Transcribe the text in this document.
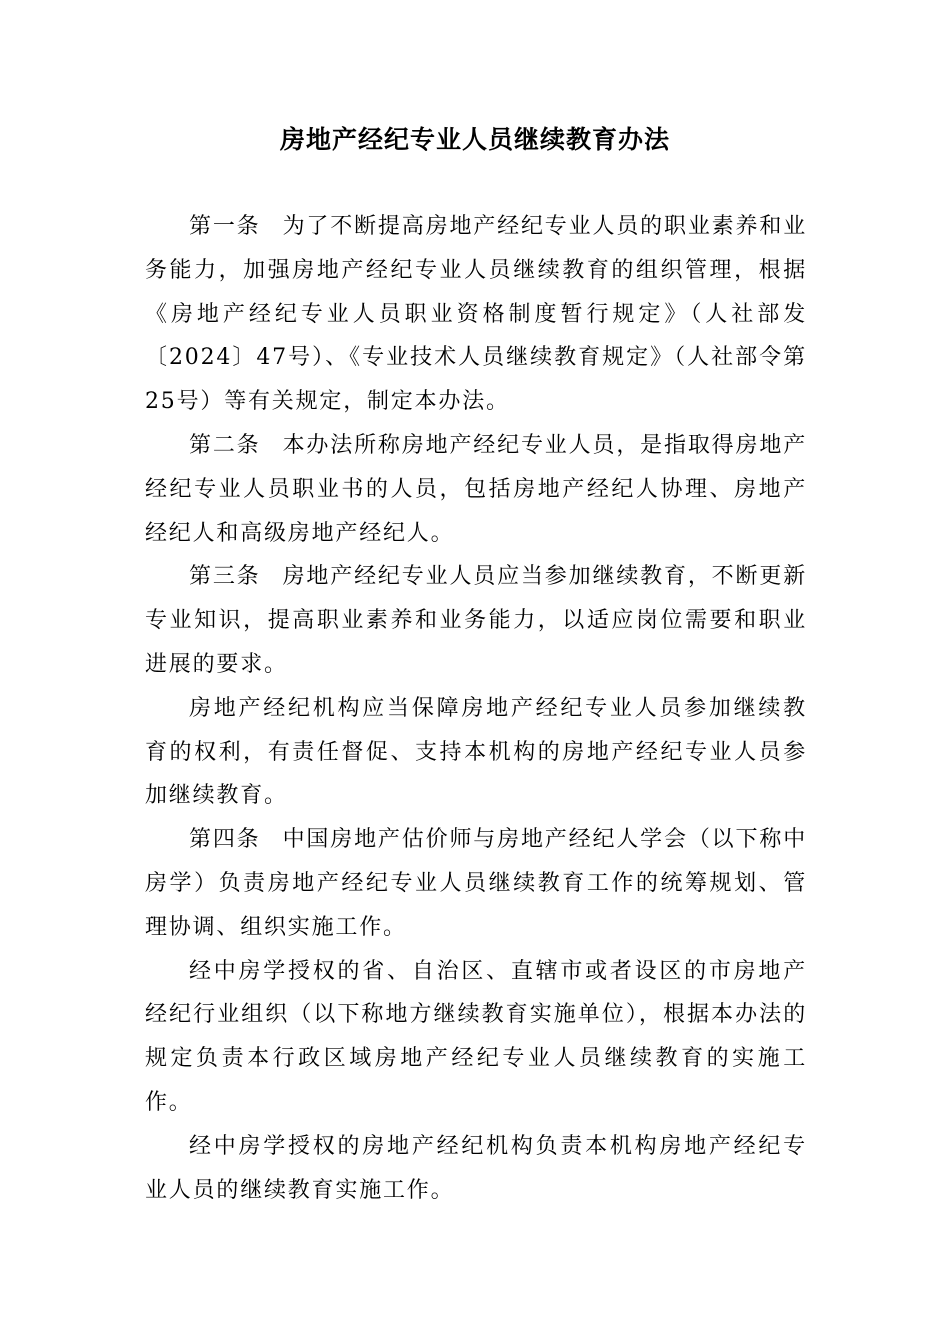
房地产经纪专业人员继续教育办法

第一条 为了不断提高房地产经纪专业人员的职业素养和业务能力，加强房地产经纪专业人员继续教育的组织管理，根据《房地产经纪专业人员职业资格制度暂行规定》（人社部发〔2024〕47号）、《专业技术人员继续教育规定》（人社部令第25号）等有关规定，制定本办法。

第二条 本办法所称房地产经纪专业人员，是指取得房地产经纪专业人员职业书的人员，包括房地产经纪人协理、房地产经纪人和高级房地产经纪人。

第三条 房地产经纪专业人员应当参加继续教育，不断更新专业知识，提高职业素养和业务能力，以适应岗位需要和职业进展的要求。

房地产经纪机构应当保障房地产经纪专业人员参加继续教育的权利，有责任督促、支持本机构的房地产经纪专业人员参加继续教育。

第四条 中国房地产估价师与房地产经纪人学会（以下称中房学）负责房地产经纪专业人员继续教育工作的统筹规划、管理协调、组织实施工作。

经中房学授权的省、自治区、直辖市或者设区的市房地产经纪行业组织（以下称地方继续教育实施单位），根据本办法的规定负责本行政区域房地产经纪专业人员继续教育的实施工作。

经中房学授权的房地产经纪机构负责本机构房地产经纪专业人员的继续教育实施工作。
